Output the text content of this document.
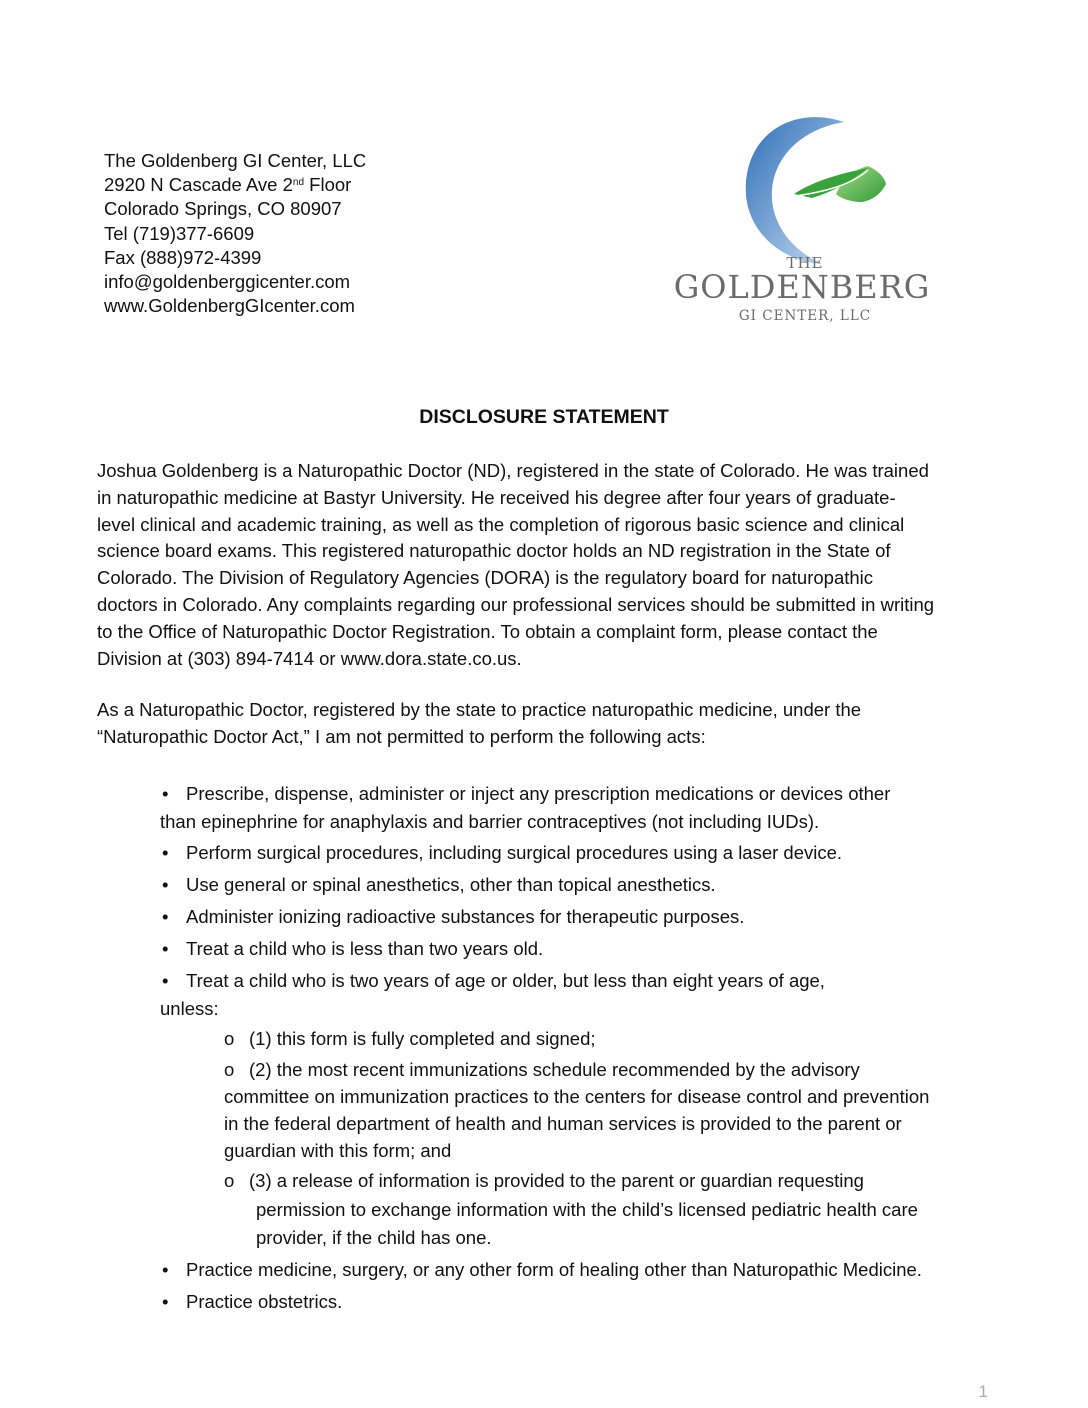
The Goldenberg GI Center, LLC
2920 N Cascade Ave 2nd Floor
Colorado Springs, CO 80907
Tel (719)377-6609
Fax (888)972-4399
info@goldenberggicenter.com
www.GoldenbergGIcenter.com
THE
GOLDENBERG
GI CENTER, LLC
DISCLOSURE STATEMENT
Joshua Goldenberg is a Naturopathic Doctor (ND), registered in the state of Colorado. He was trained
in naturopathic medicine at Bastyr University. He received his degree after four years of graduate-
level clinical and academic training, as well as the completion of rigorous basic science and clinical
science board exams. This registered naturopathic doctor holds an ND registration in the State of
Colorado. The Division of Regulatory Agencies (DORA) is the regulatory board for naturopathic
doctors in Colorado. Any complaints regarding our professional services should be submitted in writing
to the Office of Naturopathic Doctor Registration. To obtain a complaint form, please contact the
Division at (303) 894-7414 or www.dora.state.co.us.
As a Naturopathic Doctor, registered by the state to practice naturopathic medicine, under the
“Naturopathic Doctor Act,” I am not permitted to perform the following acts:
• Prescribe, dispense, administer or inject any prescription medications or devices other
than epinephrine for anaphylaxis and barrier contraceptives (not including IUDs).
• Perform surgical procedures, including surgical procedures using a laser device.
• Use general or spinal anesthetics, other than topical anesthetics.
• Administer ionizing radioactive substances for therapeutic purposes.
• Treat a child who is less than two years old.
• Treat a child who is two years of age or older, but less than eight years of age,
unless:
o (1) this form is fully completed and signed;
o (2) the most recent immunizations schedule recommended by the advisory
committee on immunization practices to the centers for disease control and prevention
in the federal department of health and human services is provided to the parent or
guardian with this form; and
o (3) a release of information is provided to the parent or guardian requesting
permission to exchange information with the child’s licensed pediatric health care
provider, if the child has one.
• Practice medicine, surgery, or any other form of healing other than Naturopathic Medicine.
• Practice obstetrics.
1
